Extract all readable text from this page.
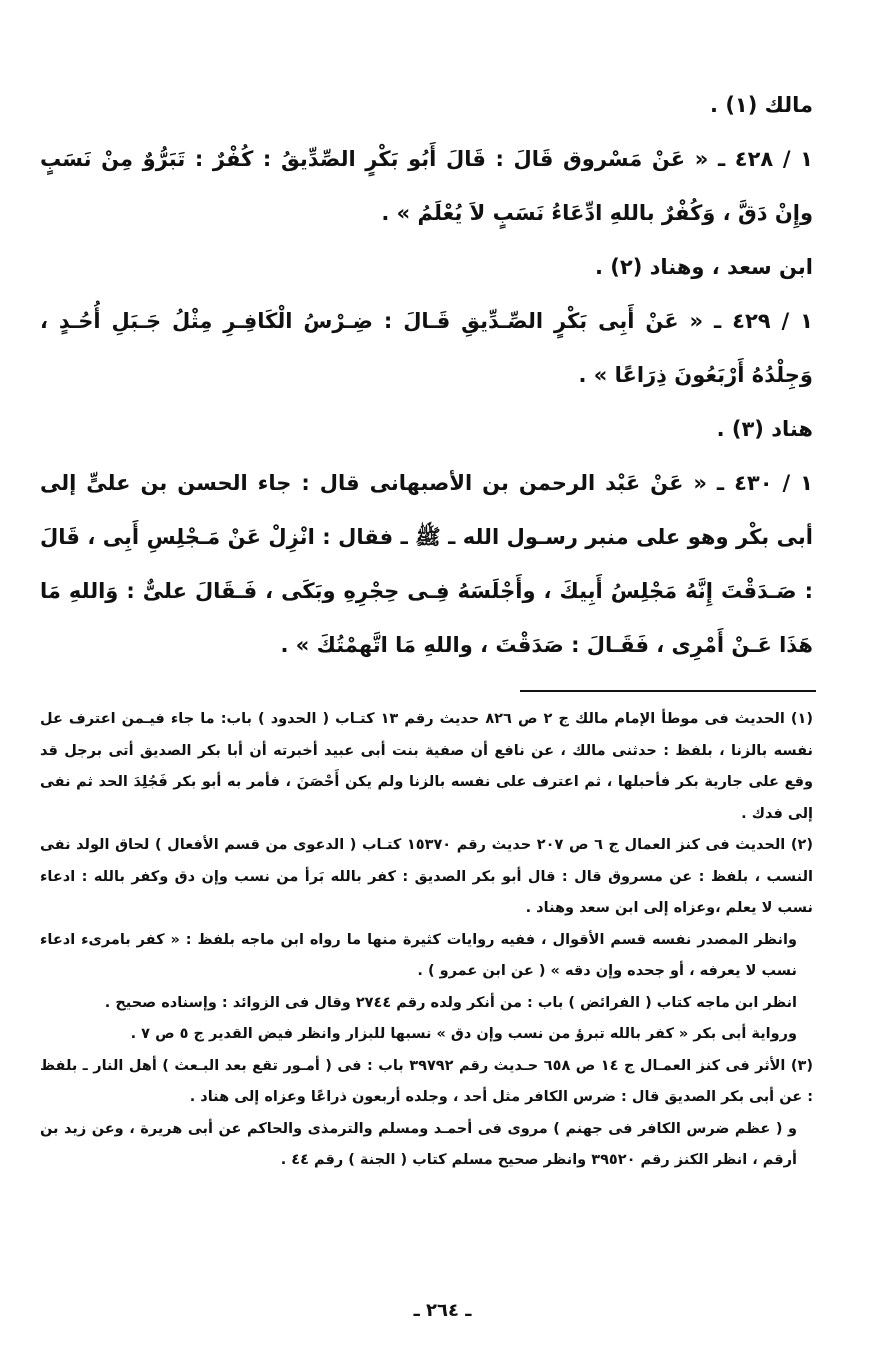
مالك (١) .

١ / ٤٢٨ ـ « عَنْ مَسْروق قَالَ : قَالَ أَبُو بَكْرٍ الصِّدِّيقُ : كُفْرٌ : تَبَرُّوٌ مِنْ نَسَبٍ وإِنْ دَقَّ ، وَكُفْرٌ باللهِ ادِّعَاءُ نَسَبٍ لاَ يُعْلَمُ » .

ابن سعد ، وهناد (٢) .

١ / ٤٢٩ ـ « عَنْ أَبِى بَكْرٍ الصِّـدِّيقِ قَـالَ : ضِـرْسُ الْكَافِـرِ مِثْلُ جَـبَلِ أُحُـدٍ ، وَجِلْدُهُ أَرْبَعُونَ ذِرَاعًا » .

هناد (٣) .

١ / ٤٣٠ ـ « عَنْ عَبْد الرحمن بن الأصبهانى قال : جاء الحسن بن علىٍّ إلى أبى بكْر وهو على منبر رسـول الله ـ ﷺ ـ فقال : انْزِلْ عَنْ مَـجْلِسِ أَبِى ، قَالَ : صَـدَقْتَ إِنَّهُ مَجْلِسُ أَبِيكَ ، وأَجْلَسَهُ فِـى حِجْرِهِ وبَكَى ، فَـقَالَ علىٌّ : وَاللهِ مَا هَذَا عَـنْ أَمْرِى ، فَقَـالَ : صَدَقْتَ ، واللهِ مَا اتَّهمْتُكَ » .

(١) الحديث فى موطأ الإمام مالك ج ٢ ص ٨٢٦ حديث رقم ١٣ كتـاب ( الحدود ) باب: ما جاء فيـمن اعترف عل نفسه بالزنا ، بلفظ : حدثنى مالك ، عن نافع أن صفية بنت أبى عبيد أخبرته أن أبا بكر الصديق أتى برجل قد وقع على جارية بكر فأحبلها ، ثم اعترف على نفسه بالزنا ولم يكن أَحْصَنَ ، فأمر به أبو بكر فَجُلِدَ الحد ثم نفى إلى فدك .

(٢) الحديث فى كنز العمال ج ٦ ص ٢٠٧ حديث رقم ١٥٣٧٠ كتـاب ( الدعوى من قسم الأفعال ) لحاق الولد نفى النسب ، بلفظ : عن مسروق قال : قال أبو بكر الصديق : كفر بالله بَرأ من نسب وإن دق وكفر بالله : ادعاء نسب لا يعلم ،وعزاه إلى ابن سعد وهناد .

وانظر المصدر نفسه قسم الأقوال ، ففيه روايات كثيرة منها ما رواه ابن ماجه بلفظ : « كفر بامرىء ادعاء نسب لا يعرفه ، أو جحده وإن دقه » ( عن ابن عمرو ) .

انظر ابن ماجه كتاب ( الفرائض ) باب : من أنكر ولده رقم ٢٧٤٤ وقال فى الزوائد : وإسناده صحيح .

ورواية أبى بكر « كفر بالله تبرؤ من نسب وإن دق » نسبها للبزار وانظر فيض القدير ج ٥ ص ٧ .

(٣) الأثر فى كنز العمـال ج ١٤ ص ٦٥٨ حـديث رقم ٣٩٧٩٢ باب : فى ( أمـور تقع بعد البـعث ) أهل النار ـ بلفظ : عن أبى بكر الصديق قال : ضرس الكافر مثل أحد ، وجلده أربعون ذراعًا وعزاه إلى هناد .

و ( عظم ضرس الكافر فى جهنم ) مروى فى أحمـد ومسلم والترمذى والحاكم عن أبى هريرة ، وعن زيد بن أرقم ، انظر الكنز رقم ٣٩٥٢٠ وانظر صحيح مسلم كتاب ( الجنة ) رقم ٤٤ .

ـ ٢٦٤ ـ
